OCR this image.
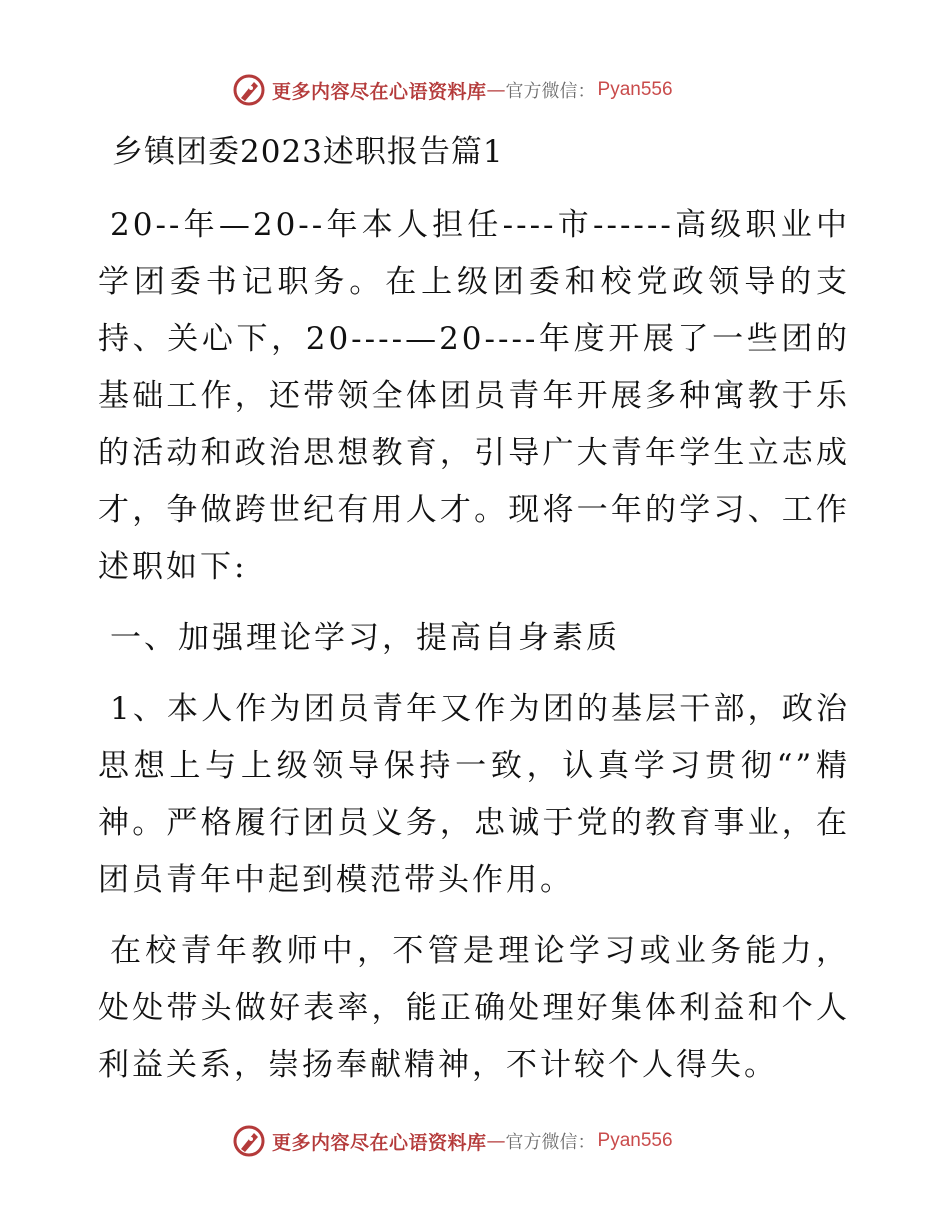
更多内容尽在心语资料库 — 官方微信： Pyan556
乡镇团委2023述职报告篇1

20--年—20--年本人担任----市------高级职业中学团委书记职务。在上级团委和校党政领导的支持、关心下，20----—20----年度开展了一些团的基础工作，还带领全体团员青年开展多种寓教于乐的活动和政治思想教育，引导广大青年学生立志成才，争做跨世纪有用人才。现将一年的学习、工作述职如下:

一、加强理论学习，提高自身素质

1、本人作为团员青年又作为团的基层干部，政治思想上与上级领导保持一致，认真学习贯彻“”精神。严格履行团员义务，忠诚于党的教育事业，在团员青年中起到模范带头作用。

在校青年教师中，不管是理论学习或业务能力，处处带头做好表率，能正确处理好集体利益和个人利益关系，崇扬奉献精神，不计较个人得失。

更多内容尽在心语资料库 — 官方微信： Pyan556
